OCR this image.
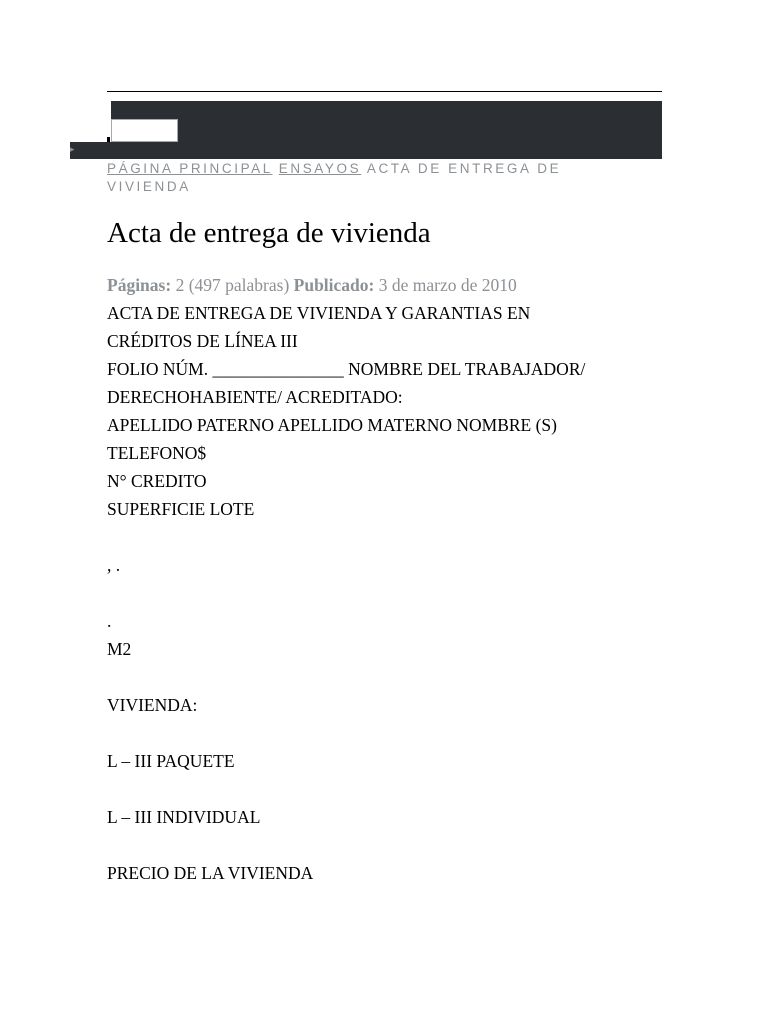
▸
PÁGINA PRINCIPAL ENSAYOS ACTA DE ENTREGA DE VIVIENDA
Acta de entrega de vivienda
Páginas: 2 (497 palabras) Publicado: 3 de marzo de 2010
ACTA DE ENTREGA DE VIVIENDA Y GARANTIAS EN
CRÉDITOS DE LÍNEA III
FOLIO NÚM. _______________ NOMBRE DEL TRABAJADOR/
DERECHOHABIENTE/ ACREDITADO:
APELLIDO PATERNO APELLIDO MATERNO NOMBRE (S)
TELEFONO$
N° CREDITO
SUPERFICIE LOTE
, .
.
M2
VIVIENDA:
L – III PAQUETE
L – III INDIVIDUAL
PRECIO DE LA VIVIENDA
